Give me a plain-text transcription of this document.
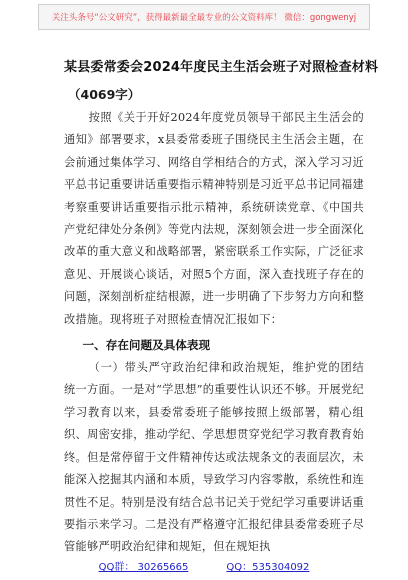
关注头条号“公文研究”，获得最新最全最专业的公文资料库！ 微信：gongwenyj
某县委常委会2024年度民主生活会班子对照检查材料
（4069字）

按照《关于开好2024年度党员领导干部民主生活会的通知》部署要求，x县委常委班子围绕民主生活会主题，在会前通过集体学习、网络自学相结合的方式，深入学习习近平总书记重要讲话重要指示精神特别是习近平总书记同福建考察重要讲话重要指示批示精神，系统研读党章、《中国共产党纪律处分条例》等党内法规，深刻领会进一步全面深化改革的重大意义和战略部署，紧密联系工作实际，广泛征求意见、开展谈心谈话，对照5个方面，深入查找班子存在的问题，深刻剖析症结根源，进一步明确了下步努力方向和整改措施。现将班子对照检查情况汇报如下：

一、存在问题及具体表现

（一）带头严守政治纪律和政治规矩，维护党的团结统一方面。一是对“学思想”的重要性认识还不够。开展党纪学习教育以来，县委常委班子能够按照上级部署，精心组织、周密安排，推动学纪、学思想贯穿党纪学习教育教育始终。但是常停留于文件精神传达或法规条文的表面层次，未能深入挖掘其内涵和本质，导致学习内容零散，系统性和连贯性不足。特别是没有结合总书记关于党纪学习重要讲话重要指示来学习。二是没有严格遵守汇报纪律县委常委班子尽管能够严明政治纪律和规矩，但在规矩执

QQ群： 30265665	QQ：535304092
